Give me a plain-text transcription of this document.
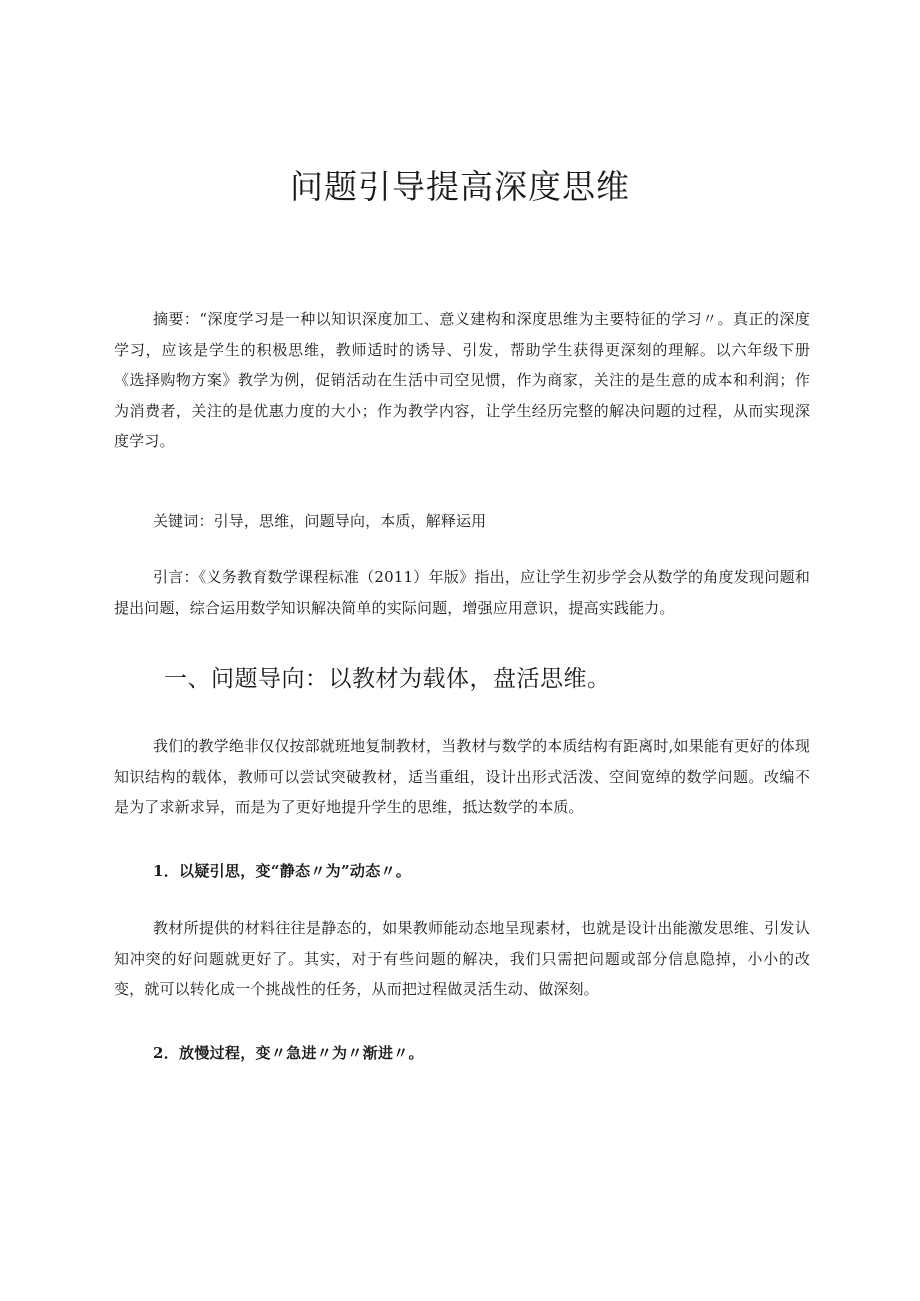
问题引导提高深度思维

摘要：“深度学习是一种以知识深度加工、意义建构和深度思维为主要特征的学习〃。真正的深度学习，应该是学生的积极思维，教师适时的诱导、引发，帮助学生获得更深刻的理解。以六年级下册《选择购物方案》教学为例，促销活动在生活中司空见惯，作为商家，关注的是生意的成本和利润；作为消费者，关注的是优惠力度的大小；作为教学内容，让学生经历完整的解决问题的过程，从而实现深度学习。

关键词：引导，思维，问题导向，本质，解释运用

引言：《义务教育数学课程标准（2011）年版》指出，应让学生初步学会从数学的角度发现问题和提出问题，综合运用数学知识解决简单的实际问题，增强应用意识，提高实践能力。

一、问题导向：以教材为载体，盘活思维。

我们的教学绝非仅仅按部就班地复制教材，当教材与数学的本质结构有距离时,如果能有更好的体现知识结构的载体，教师可以尝试突破教材，适当重组，设计出形式活泼、空间宽绰的数学问题。改编不是为了求新求异，而是为了更好地提升学生的思维，抵达数学的本质。

1．以疑引思，变“静态〃为”动态〃。

教材所提供的材料往往是静态的，如果教师能动态地呈现素材，也就是设计出能激发思维、引发认知冲突的好问题就更好了。其实，对于有些问题的解决，我们只需把问题或部分信息隐掉，小小的改变，就可以转化成一个挑战性的任务，从而把过程做灵活生动、做深刻。

2．放慢过程，变〃急进〃为〃渐进〃。
